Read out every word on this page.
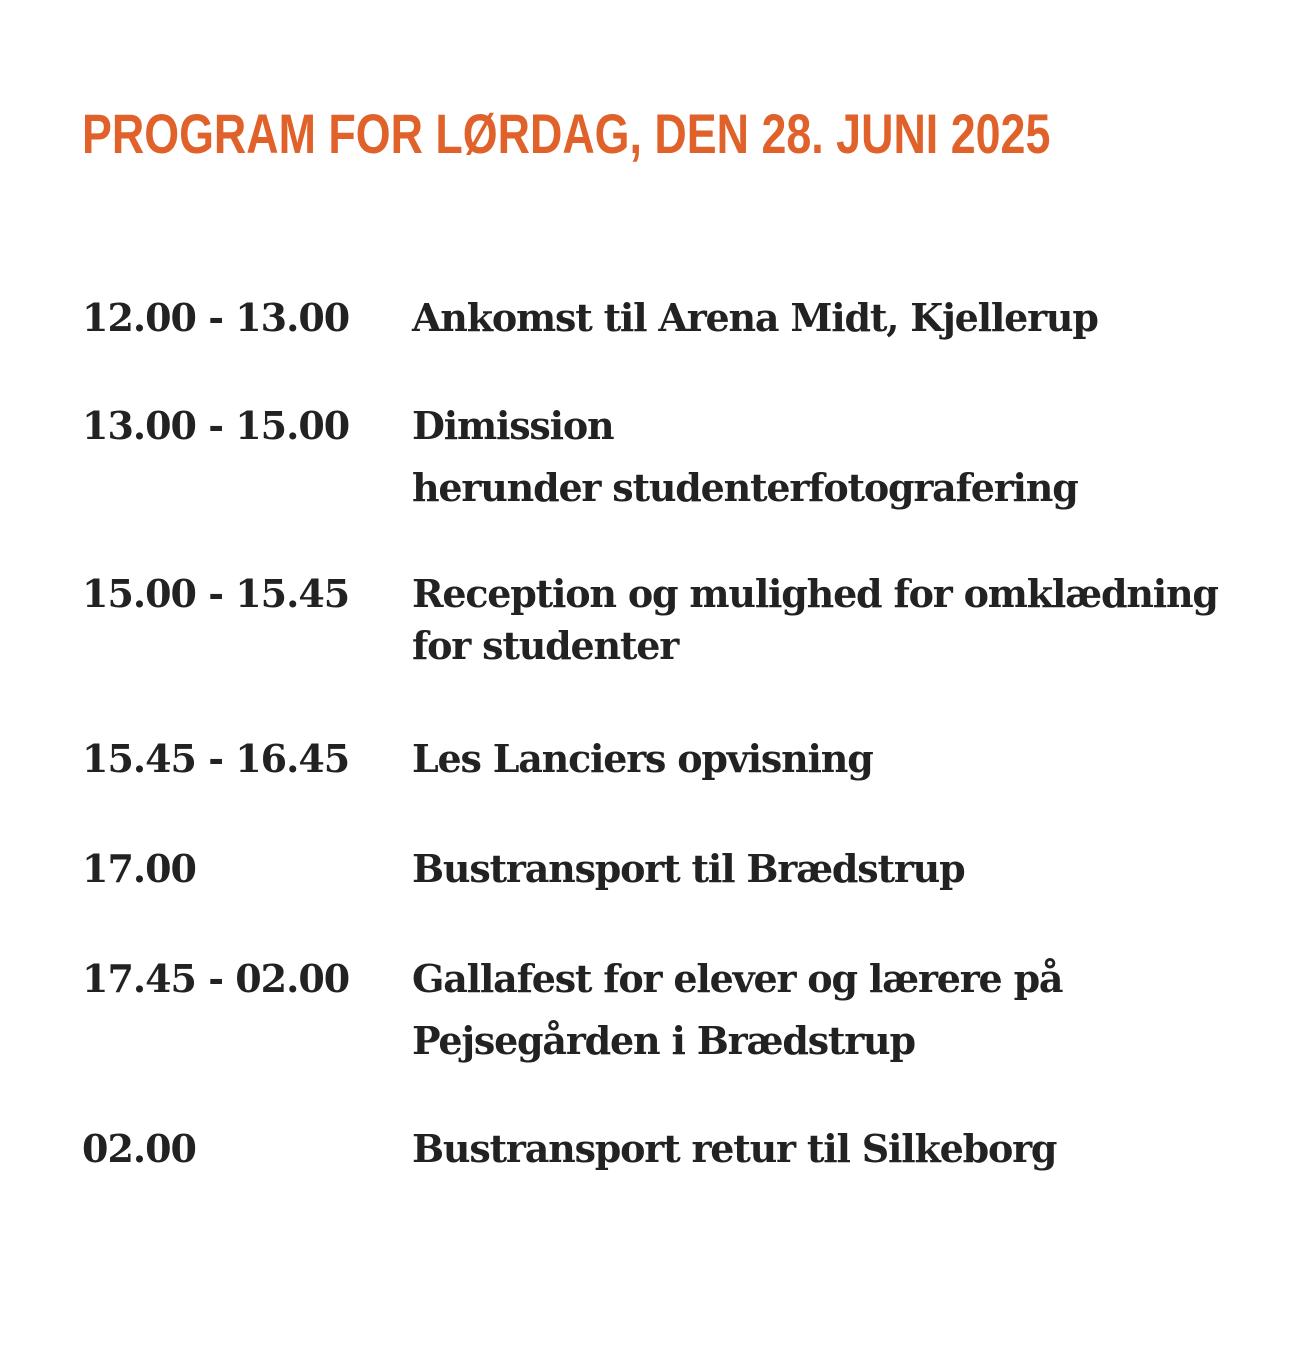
PROGRAM FOR LØRDAG, DEN 28. JUNI 2025
12.00 - 13.00 Ankomst til Arena Midt, Kjellerup
13.00 - 15.00 Dimission
herunder studenterfotografering
15.00 - 15.45 Reception og mulighed for omklædning
for studenter
15.45 - 16.45 Les Lanciers opvisning
17.00	Bustransport til Brædstrup
17.45 - 02.00 Gallafest for elever og lærere på
Pejsegården i Brædstrup
02.00	Bustransport retur til Silkeborg
